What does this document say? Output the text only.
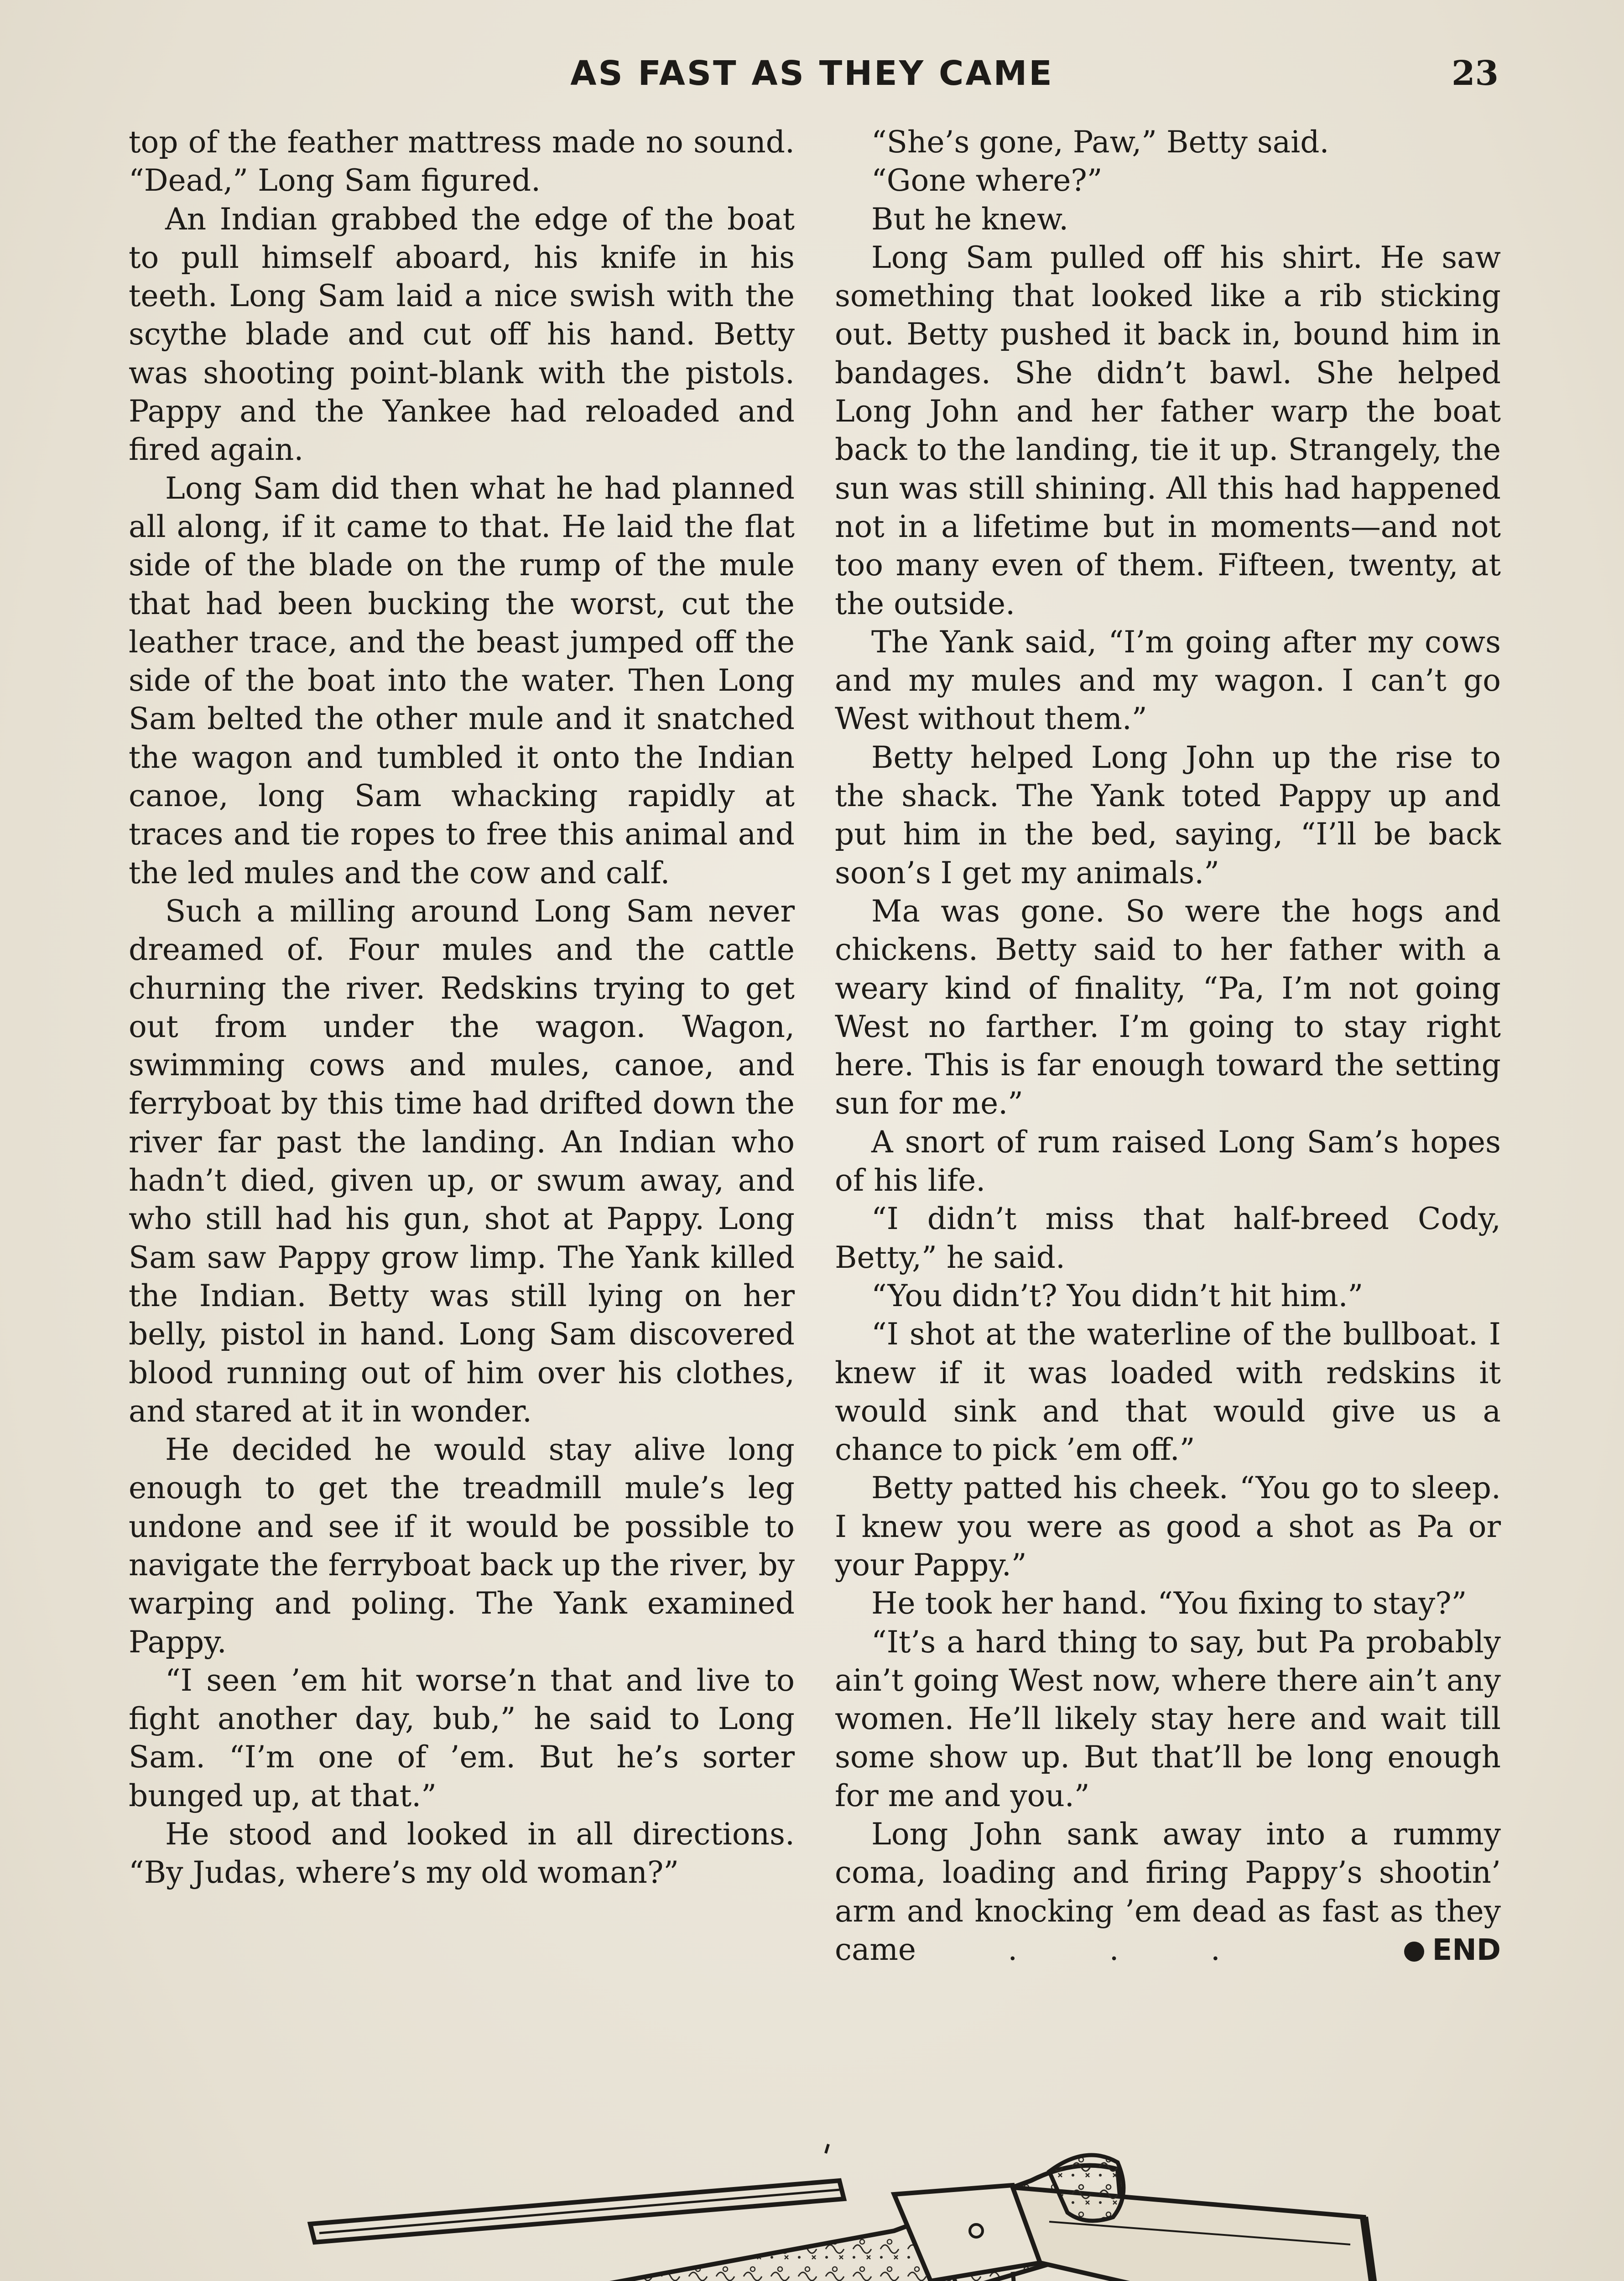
AS FAST AS THEY CAME	23

top of the feather mattress made no sound. “Dead,” Long Sam figured.

An Indian grabbed the edge of the boat to pull himself aboard, his knife in his teeth. Long Sam laid a nice swish with the scythe blade and cut off his hand. Betty was shooting point-blank with the pistols. Pappy and the Yankee had reloaded and fired again.

Long Sam did then what he had planned all along, if it came to that. He laid the flat side of the blade on the rump of the mule that had been bucking the worst, cut the leather trace, and the beast jumped off the side of the boat into the water. Then Long Sam belted the other mule and it snatched the wagon and tumbled it onto the Indian canoe, long Sam whacking rapidly at traces and tie ropes to free this animal and the led mules and the cow and calf.

Such a milling around Long Sam never dreamed of. Four mules and the cattle churning the river. Redskins trying to get out from under the wagon. Wagon, swimming cows and mules, canoe, and ferryboat by this time had drifted down the river far past the landing. An Indian who hadn’t died, given up, or swum away, and who still had his gun, shot at Pappy. Long Sam saw Pappy grow limp. The Yank killed the Indian. Betty was still lying on her belly, pistol in hand. Long Sam discovered blood running out of him over his clothes, and stared at it in wonder.

He decided he would stay alive long enough to get the treadmill mule’s leg undone and see if it would be possible to navigate the ferryboat back up the river, by warping and poling. The Yank examined Pappy.

“I seen ’em hit worse’n that and live to fight another day, bub,” he said to Long Sam. “I’m one of ’em. But he’s sorter bunged up, at that.”

He stood and looked in all directions. “By Judas, where’s my old woman?”

“She’s gone, Paw,” Betty said.

“Gone where?”

But he knew.

Long Sam pulled off his shirt. He saw something that looked like a rib sticking out. Betty pushed it back in, bound him in bandages. She didn’t bawl. She helped Long John and her father warp the boat back to the landing, tie it up. Strangely, the sun was still shining. All this had happened not in a lifetime but in moments—and not too many even of them. Fifteen, twenty, at the outside.

The Yank said, “I’m going after my cows and my mules and my wagon. I can’t go West without them.”

Betty helped Long John up the rise to the shack. The Yank toted Pappy up and put him in the bed, saying, “I’ll be back soon’s I get my animals.”

Ma was gone. So were the hogs and chickens. Betty said to her father with a weary kind of finality, “Pa, I’m not going West no farther. I’m going to stay right here. This is far enough toward the setting sun for me.”

A snort of rum raised Long Sam’s hopes of his life.

“I didn’t miss that half-breed Cody, Betty,” he said.

“You didn’t? You didn’t hit him.”

“I shot at the waterline of the bullboat. I knew if it was loaded with redskins it would sink and that would give us a chance to pick ’em off.”

Betty patted his cheek. “You go to sleep. I knew you were as good a shot as Pa or your Pappy.”

He took her hand. “You fixing to stay?”

“It’s a hard thing to say, but Pa probably ain’t going West now, where there ain’t any women. He’ll likely stay here and wait till some show up. But that’ll be long enough for me and you.”

Long John sank away into a rummy coma, loading and firing Pappy’s shootin’ arm and knocking ’em dead as fast as they came . . .	END
